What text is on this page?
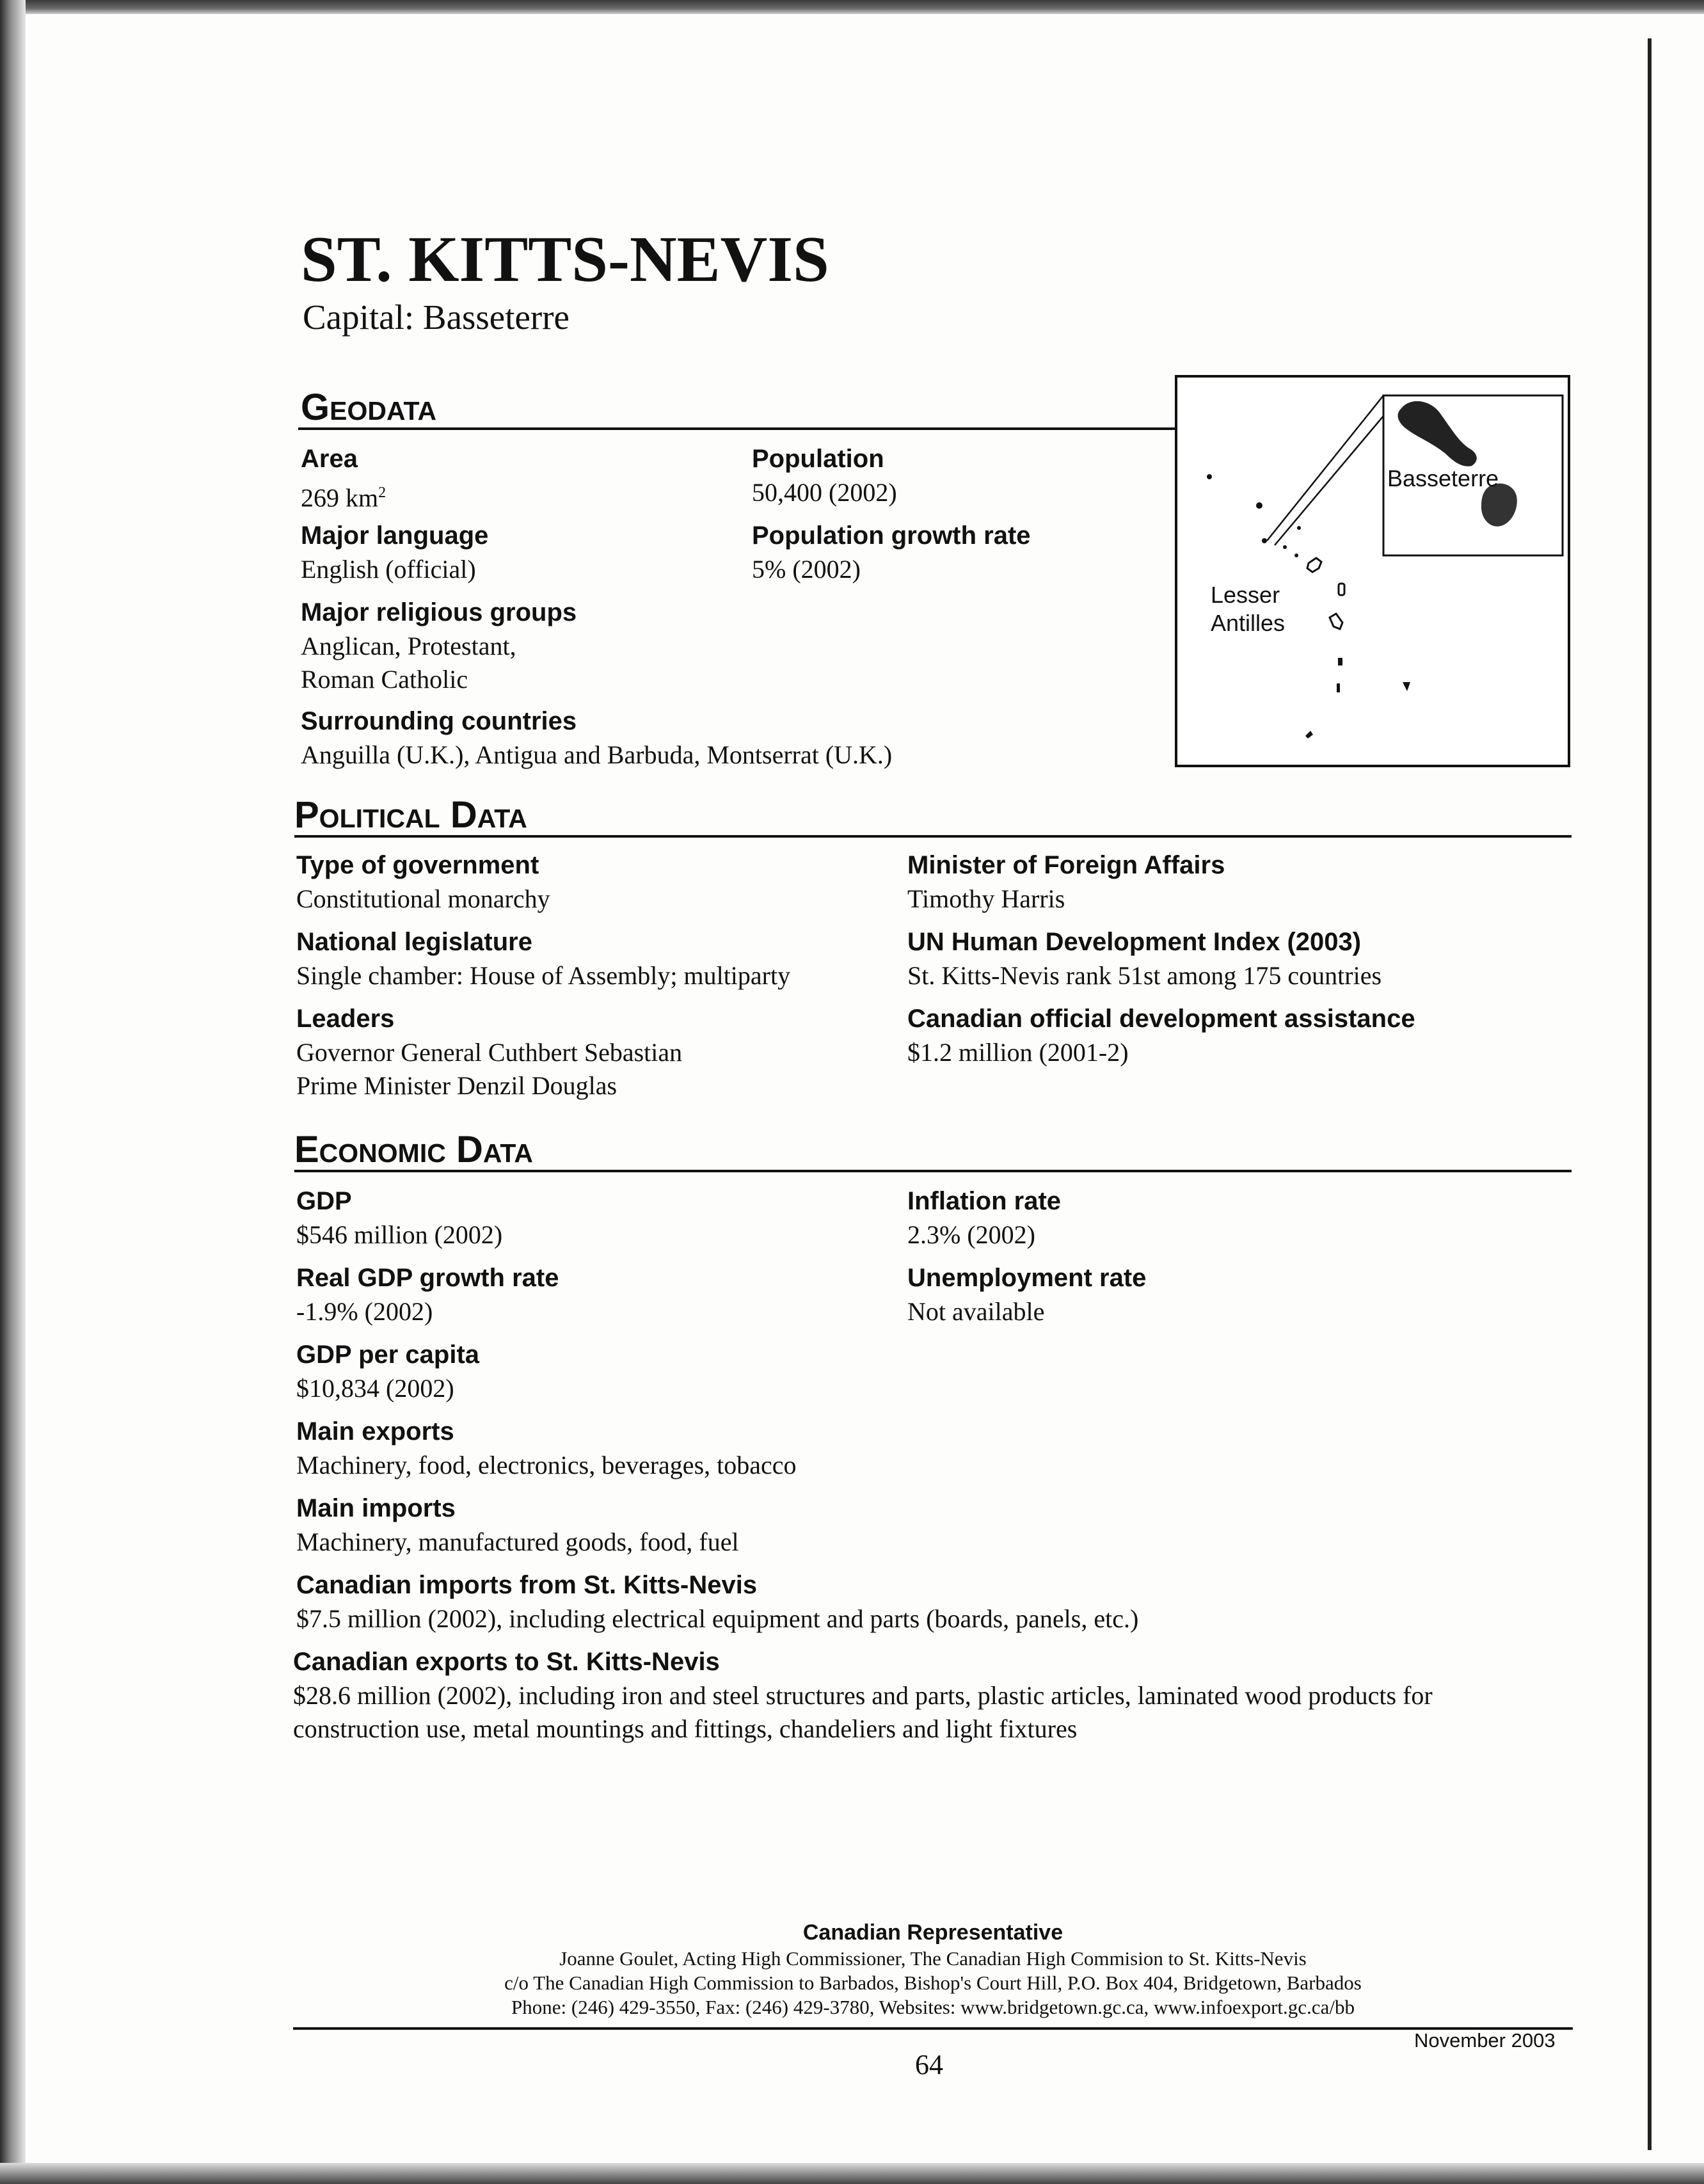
ST. KITTS-NEVIS
Capital: Basseterre
Geodata
Area
269 $km^2$
Population
50,400 (2002)
Major language
English (official)
Population growth rate
5% (2002)
Major religious groups
Anglican, Protestant,
Roman Catholic
Surrounding countries
Anguilla (U.K.), Antigua and Barbuda, Montserrat (U.K.)
Basseterre
Lesser
Antilles
Political Data
Type of government
Constitutional monarchy
National legislature
Single chamber: House of Assembly; multiparty
Leaders
Governor General Cuthbert Sebastian
Prime Minister Denzil Douglas
Minister of Foreign Affairs
Timothy Harris
UN Human Development Index (2003)
St. Kitts-Nevis rank 51st among 175 countries
Canadian official development assistance
$1.2 million (2001-2)
Economic Data
GDP
$546 million (2002)
Real GDP growth rate
-1.9% (2002)
GDP per capita
$10,834 (2002)
Main exports
Machinery, food, electronics, beverages, tobacco
Main imports
Machinery, manufactured goods, food, fuel
Canadian imports from St. Kitts-Nevis
$7.5 million (2002), including electrical equipment and parts (boards, panels, etc.)
Canadian exports to St. Kitts-Nevis
$28.6 million (2002), including iron and steel structures and parts, plastic articles, laminated wood products for
construction use, metal mountings and fittings, chandeliers and light fixtures
Inflation rate
2.3% (2002)
Unemployment rate
Not available
Canadian Representative
Joanne Goulet, Acting High Commissioner, The Canadian High Commision to St. Kitts-Nevis
c/o The Canadian High Commission to Barbados, Bishop's Court Hill, P.O. Box 404, Bridgetown, Barbados
Phone: (246) 429-3550, Fax: (246) 429-3780, Websites: www.bridgetown.gc.ca, www.infoexport.gc.ca/bb
November 2003
64
